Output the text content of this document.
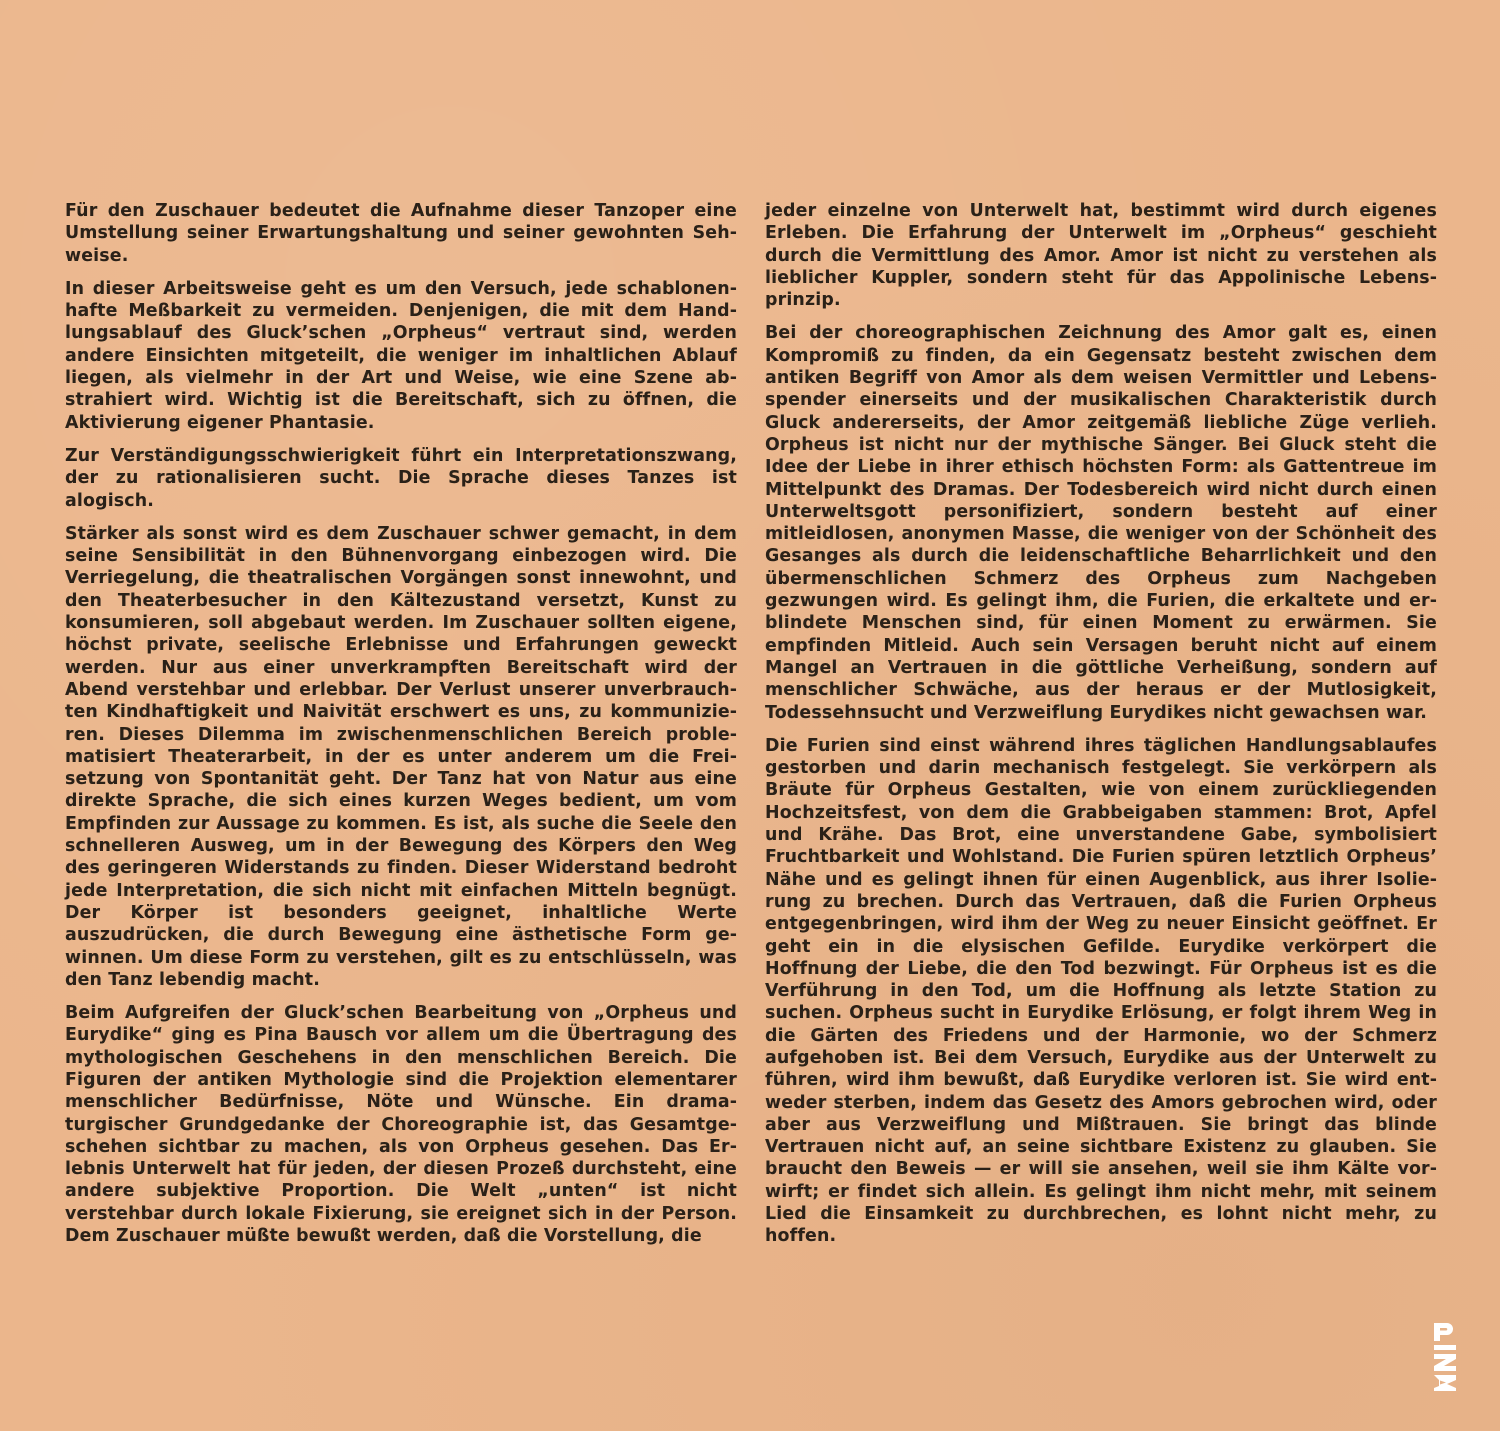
Für den Zuschauer bedeutet die Aufnahme dieser Tanzoper eine Umstellung seiner Erwartungshaltung und seiner gewohnten Sehweise.

In dieser Arbeitsweise geht es um den Versuch, jede schablonenhafte Meßbarkeit zu vermeiden. Denjenigen, die mit dem Handlungsablauf des Gluck’schen „Orpheus“ vertraut sind, werden andere Einsichten mitgeteilt, die weniger im inhaltlichen Ablauf liegen, als vielmehr in der Art und Weise, wie eine Szene abstrahiert wird. Wichtig ist die Bereitschaft, sich zu öffnen, die Aktivierung eigener Phantasie.

Zur Verständigungsschwierigkeit führt ein Interpretationszwang, der zu rationalisieren sucht. Die Sprache dieses Tanzes ist alogisch.

Stärker als sonst wird es dem Zuschauer schwer gemacht, in dem seine Sensibilität in den Bühnenvorgang einbezogen wird. Die Verriegelung, die theatralischen Vorgängen sonst innewohnt, und den Theaterbesucher in den Kältezustand versetzt, Kunst zu konsumieren, soll abgebaut werden. Im Zuschauer sollten eigene, höchst private, seelische Erlebnisse und Erfahrungen geweckt werden. Nur aus einer unverkrampften Bereitschaft wird der Abend verstehbar und erlebbar. Der Verlust unserer unverbrauchten Kindhaftigkeit und Naivität erschwert es uns, zu kommunizieren. Dieses Dilemma im zwischenmenschlichen Bereich problematisiert Theaterarbeit, in der es unter anderem um die Freisetzung von Spontanität geht. Der Tanz hat von Natur aus eine direkte Sprache, die sich eines kurzen Weges bedient, um vom Empfinden zur Aussage zu kommen. Es ist, als suche die Seele den schnelleren Ausweg, um in der Bewegung des Körpers den Weg des geringeren Widerstands zu finden. Dieser Widerstand bedroht jede Interpretation, die sich nicht mit einfachen Mitteln begnügt. Der Körper ist besonders geeignet, inhaltliche Werte auszudrücken, die durch Bewegung eine ästhetische Form gewinnen. Um diese Form zu verstehen, gilt es zu entschlüsseln, was den Tanz lebendig macht.

Beim Aufgreifen der Gluck’schen Bearbeitung von „Orpheus und Eurydike“ ging es Pina Bausch vor allem um die Übertragung des mythologischen Geschehens in den menschlichen Bereich. Die Figuren der antiken Mythologie sind die Projektion elementarer menschlicher Bedürfnisse, Nöte und Wünsche. Ein dramaturgischer Grundgedanke der Choreographie ist, das Gesamtgeschehen sichtbar zu machen, als von Orpheus gesehen. Das Erlebnis Unterwelt hat für jeden, der diesen Prozeß durchsteht, eine andere subjektive Proportion. Die Welt „unten“ ist nicht verstehbar durch lokale Fixierung, sie ereignet sich in der Person. Dem Zuschauer müßte bewußt werden, daß die Vorstellung, die

jeder einzelne von Unterwelt hat, bestimmt wird durch eigenes Erleben. Die Erfahrung der Unterwelt im „Orpheus“ geschieht durch die Vermittlung des Amor. Amor ist nicht zu verstehen als lieblicher Kuppler, sondern steht für das Appolinische Lebensprinzip.

Bei der choreographischen Zeichnung des Amor galt es, einen Kompromiß zu finden, da ein Gegensatz besteht zwischen dem antiken Begriff von Amor als dem weisen Vermittler und Lebensspender einerseits und der musikalischen Charakteristik durch Gluck andererseits, der Amor zeitgemäß liebliche Züge verlieh. Orpheus ist nicht nur der mythische Sänger. Bei Gluck steht die Idee der Liebe in ihrer ethisch höchsten Form: als Gattentreue im Mittelpunkt des Dramas. Der Todesbereich wird nicht durch einen Unterweltsgott personifiziert, sondern besteht auf einer mitleidlosen, anonymen Masse, die weniger von der Schönheit des Gesanges als durch die leidenschaftliche Beharrlichkeit und den übermenschlichen Schmerz des Orpheus zum Nachgeben gezwungen wird. Es gelingt ihm, die Furien, die erkaltete und erblindete Menschen sind, für einen Moment zu erwärmen. Sie empfinden Mitleid. Auch sein Versagen beruht nicht auf einem Mangel an Vertrauen in die göttliche Verheißung, sondern auf menschlicher Schwäche, aus der heraus er der Mutlosigkeit, Todessehnsucht und Verzweiflung Eurydikes nicht gewachsen war.

Die Furien sind einst während ihres täglichen Handlungsablaufes gestorben und darin mechanisch festgelegt. Sie verkörpern als Bräute für Orpheus Gestalten, wie von einem zurückliegenden Hochzeitsfest, von dem die Grabbeigaben stammen: Brot, Apfel und Krähe. Das Brot, eine unverstandene Gabe, symbolisiert Fruchtbarkeit und Wohlstand. Die Furien spüren letztlich Orpheus’ Nähe und es gelingt ihnen für einen Augenblick, aus ihrer Isolierung zu brechen. Durch das Vertrauen, daß die Furien Orpheus entgegenbringen, wird ihm der Weg zu neuer Einsicht geöffnet. Er geht ein in die elysischen Gefilde. Eurydike verkörpert die Hoffnung der Liebe, die den Tod bezwingt. Für Orpheus ist es die Verführung in den Tod, um die Hoffnung als letzte Station zu suchen. Orpheus sucht in Eurydike Erlösung, er folgt ihrem Weg in die Gärten des Friedens und der Harmonie, wo der Schmerz aufgehoben ist. Bei dem Versuch, Eurydike aus der Unterwelt zu führen, wird ihm bewußt, daß Eurydike verloren ist. Sie wird entweder sterben, indem das Gesetz des Amors gebrochen wird, oder aber aus Verzweiflung und Mißtrauen. Sie bringt das blinde Vertrauen nicht auf, an seine sichtbare Existenz zu glauben. Sie braucht den Beweis — er will sie ansehen, weil sie ihm Kälte vorwirft; er findet sich allein. Es gelingt ihm nicht mehr, mit seinem Lied die Einsamkeit zu durchbrechen, es lohnt nicht mehr, zu hoffen.
